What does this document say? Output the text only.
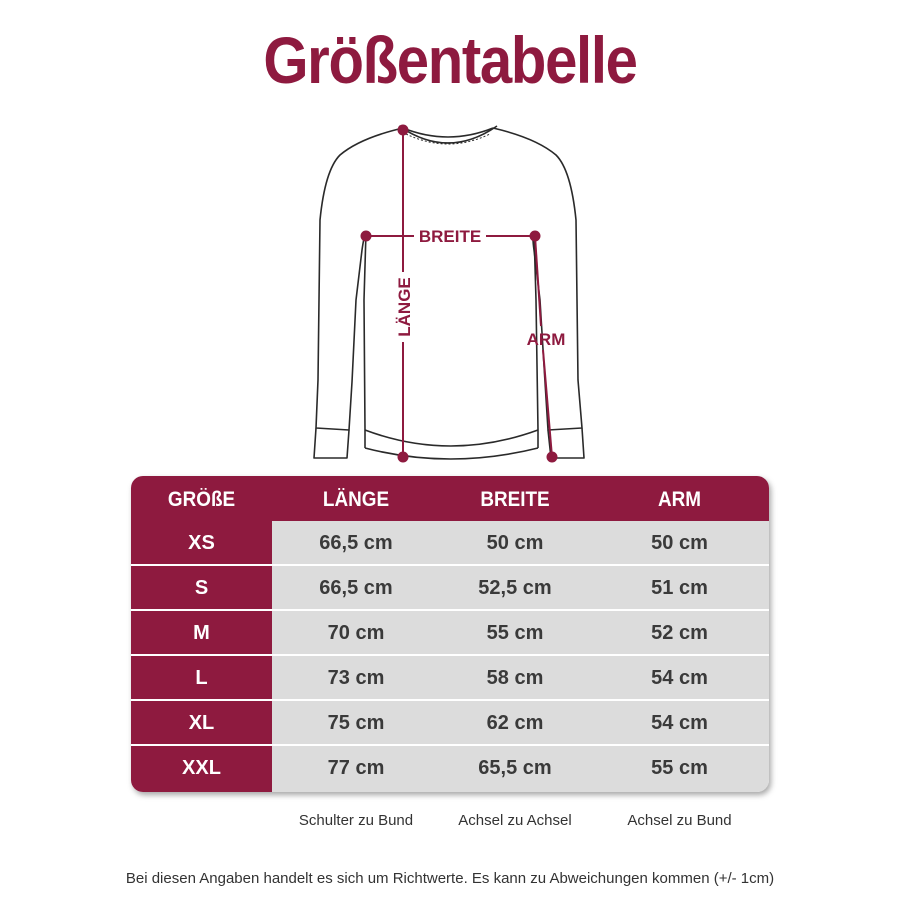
Größentabelle
BREITE
LÄNGE
ARM
GRÖßE	LÄNGE	BREITE	ARM
XS	66,5 cm	50 cm	50 cm
S	66,5 cm	52,5 cm	51 cm
M	70 cm	55 cm	52 cm
L	73 cm	58 cm	54 cm
XL	75 cm	62 cm	54 cm
XXL	77 cm	65,5 cm	55 cm
Schulter zu Bund	Achsel zu Achsel	Achsel zu Bund
Bei diesen Angaben handelt es sich um Richtwerte. Es kann zu Abweichungen kommen (+/- 1cm)
